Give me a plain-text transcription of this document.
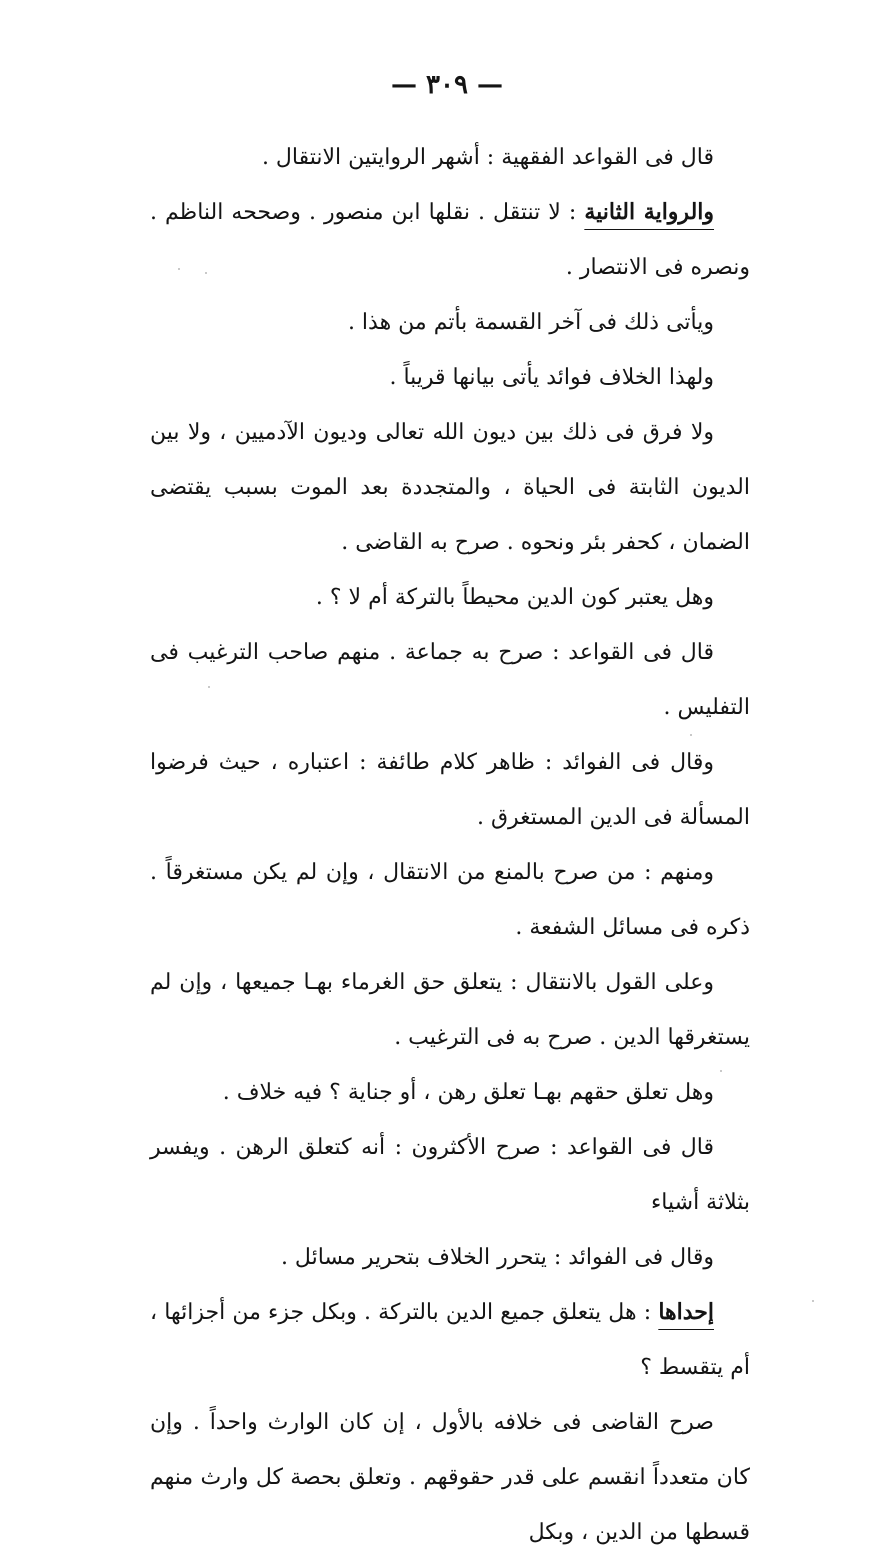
— ٣٠٩ —

قال فى القواعد الفقهية : أشهر الروايتين الانتقال .

والرواية الثانية : لا تنتقل . نقلها ابن منصور . وصححه الناظم . ونصره فى الانتصار .

ويأتى ذلك فى آخر القسمة بأتم من هذا .

ولهذا الخلاف فوائد يأتى بيانها قريباً .

ولا فرق فى ذلك بين ديون الله تعالى وديون الآدميين ، ولا بين الديون الثابتة فى الحياة ، والمتجددة بعد الموت بسبب يقتضى الضمان ، كحفر بئر ونحوه . صرح به القاضى .

وهل يعتبر كون الدين محيطاً بالتركة أم لا ؟ .

قال فى القواعد : صرح به جماعة . منهم صاحب الترغيب فى التفليس .

وقال فى الفوائد : ظاهر كلام طائفة : اعتباره ، حيث فرضوا المسألة فى الدين المستغرق .

ومنهم : من صرح بالمنع من الانتقال ، وإن لم يكن مستغرقاً . ذكره فى مسائل الشفعة .

وعلى القول بالانتقال : يتعلق حق الغرماء بهـا جميعها ، وإن لم يستغرقها الدين . صرح به فى الترغيب .

وهل تعلق حقهم بهـا تعلق رهن ، أو جناية ؟ فيه خلاف .

قال فى القواعد : صرح الأكثرون : أنه كتعلق الرهن . ويفسر بثلاثة أشياء

وقال فى الفوائد : يتحرر الخلاف بتحرير مسائل .

إحداها : هل يتعلق جميع الدين بالتركة . وبكل جزء من أجزائها ، أم يتقسط ؟

صرح القاضى فى خلافه بالأول ، إن كان الوارث واحداً . وإن كان متعدداً انقسم على قدر حقوقهم . وتعلق بحصة كل وارث منهم قسطها من الدين ، وبكل
